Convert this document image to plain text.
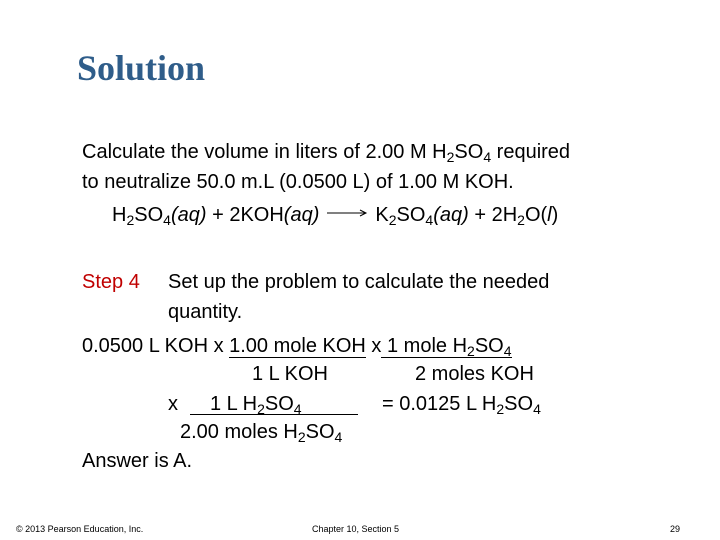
Solution
Calculate the volume in liters of 2.00 M $H_2SO_4$ required
to neutralize 50.0 m.L (0.0500 L) of 1.00 M KOH.
$H_2SO_4(aq) + 2KOH(aq) \to K_2SO_4(aq) + 2H_2O(l)$
Step 4 Set up the problem to calculate the needed
quantity.
0.0500 L KOH x 1.00 mole KOH x 1 mole $H_2SO_4$
1 L KOH	2 moles KOH
x 1 L $H_2SO_4$	= 0.0125 L $H_2SO_4$
2.00 moles $H_2SO_4$
Answer is A.
© 2013 Pearson Education, Inc.	Chapter 10, Section 5	29
